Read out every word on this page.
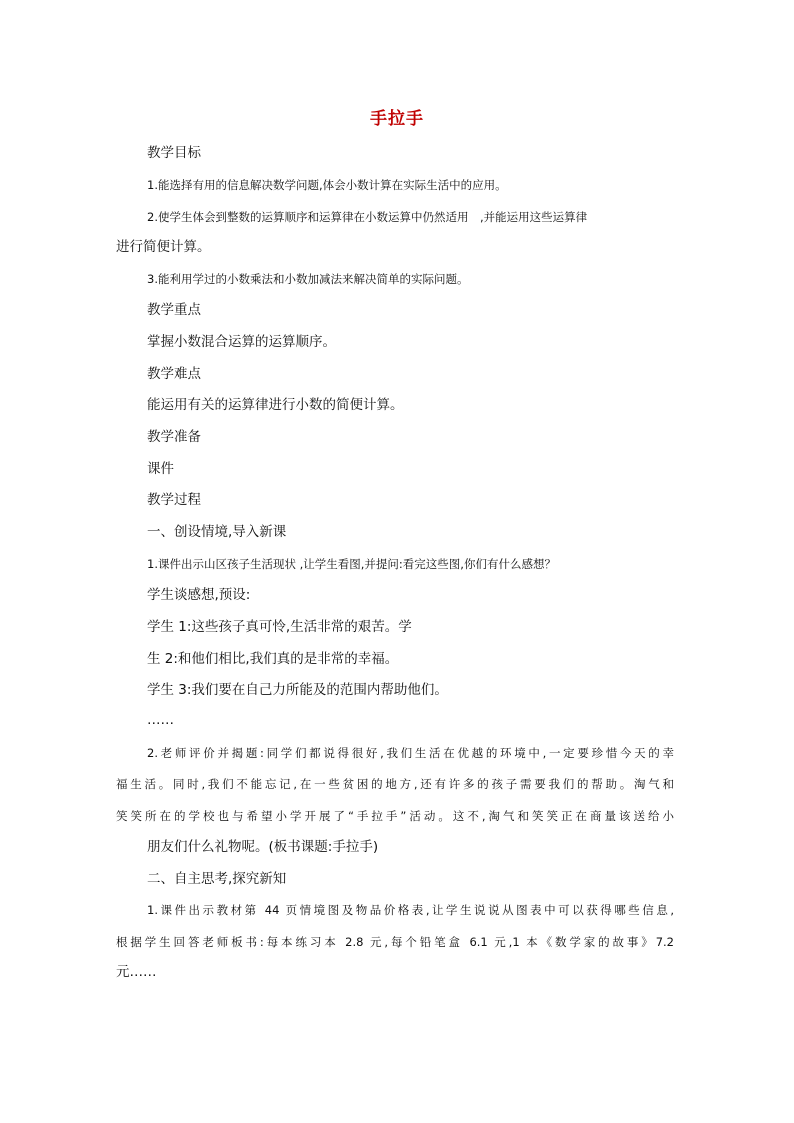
手拉手
教学目标
1.能选择有用的信息解决数学问题,体会小数计算在实际生活中的应用。
2.使学生体会到整数的运算顺序和运算律在小数运算中仍然适用　,并能运用这些运算律
进行简便计算。
3.能利用学过的小数乘法和小数加减法来解决简单的实际问题。
教学重点
掌握小数混合运算的运算顺序。
教学难点
能运用有关的运算律进行小数的简便计算。
教学准备
课件
教学过程
一、创设情境,导入新课
1.课件出示山区孩子生活现状 ,让学生看图,并提问:看完这些图,你们有什么感想？
学生谈感想,预设:
学生 1:这些孩子真可怜,生活非常的艰苦。学
生 2:和他们相比,我们真的是非常的幸福。
学生 3:我们要在自己力所能及的范围内帮助他们。
……
2.老师评价并揭题:同学们都说得很好,我们生活在优越的环境中,一定要珍惜今天的幸
福生活。同时,我们不能忘记,在一些贫困的地方,还有许多的孩子需要我们的帮助。淘气和
笑笑所在的学校也与希望小学开展了“手拉手”活动。这不,淘气和笑笑正在商量该送给小
朋友们什么礼物呢。(板书课题:手拉手)
二、自主思考,探究新知
1.课件出示教材第 44 页情境图及物品价格表,让学生说说从图表中可以获得哪些信息,
根据学生回答老师板书:每本练习本 2.8 元,每个铅笔盒 6.1 元,1 本《数学家的故事》7.2
元……
